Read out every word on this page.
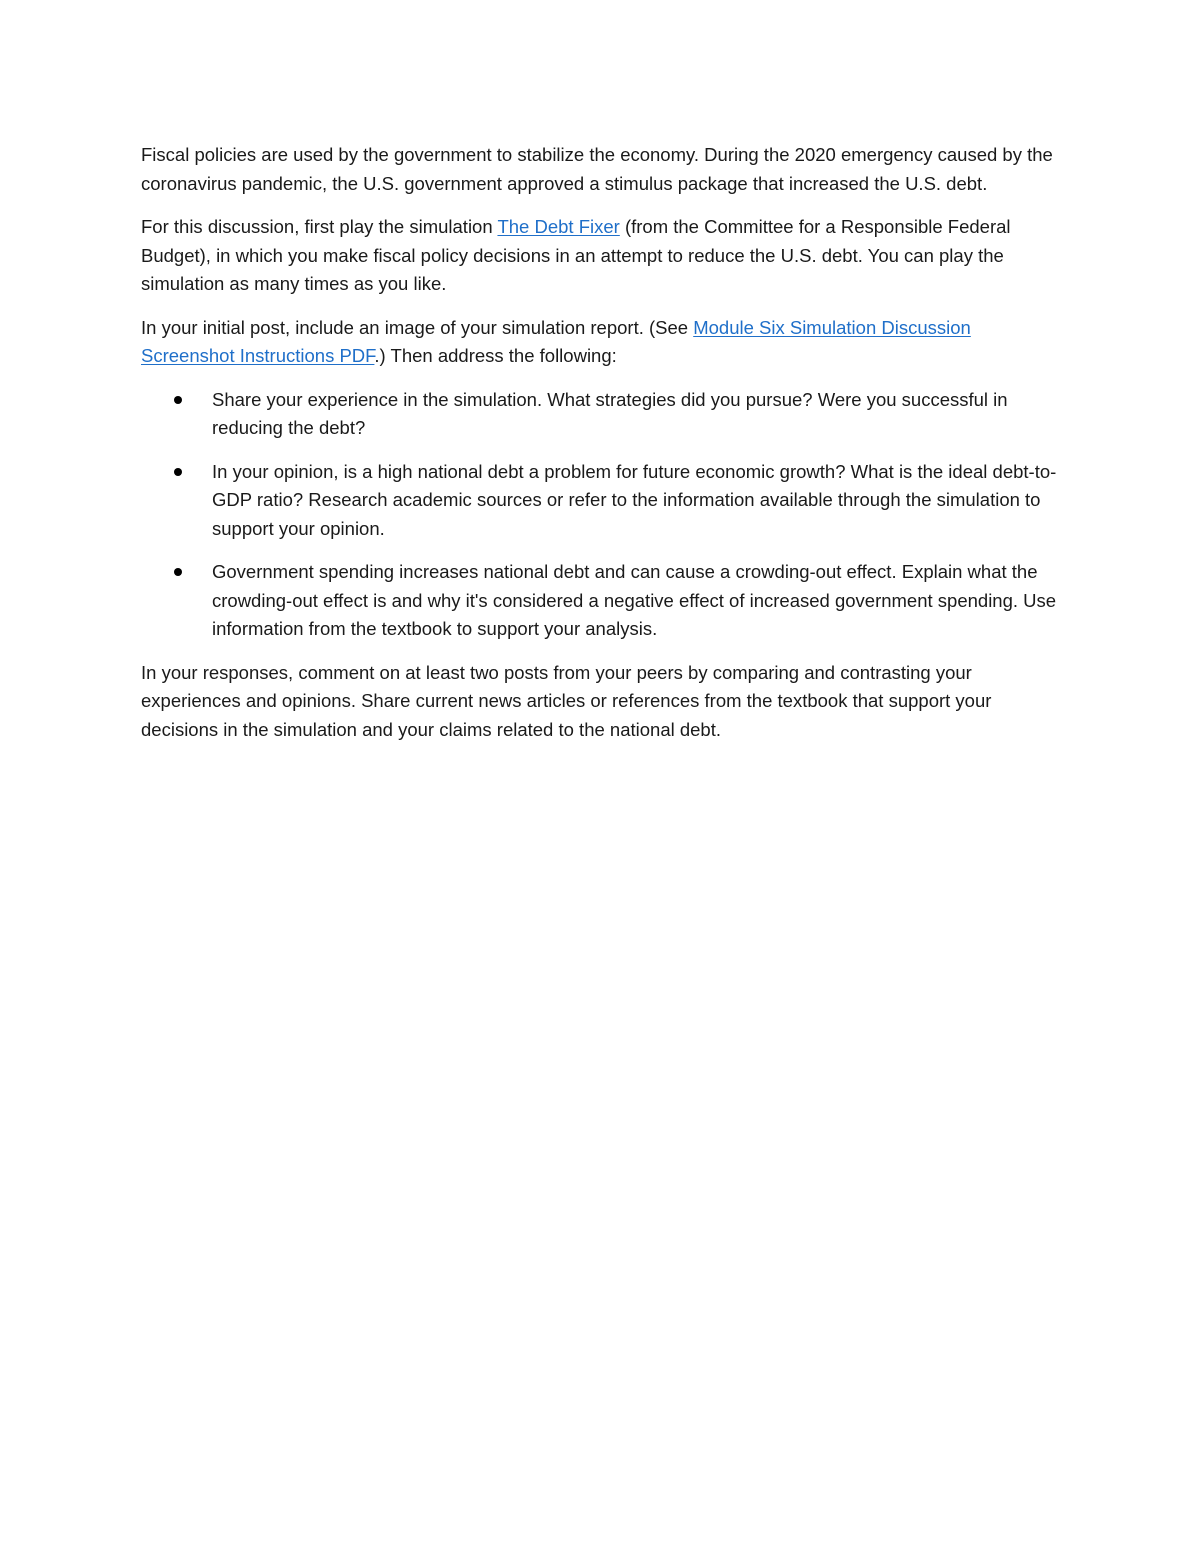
Fiscal policies are used by the government to stabilize the economy. During the 2020 emergency caused by the coronavirus pandemic, the U.S. government approved a stimulus package that increased the U.S. debt.

For this discussion, first play the simulation The Debt Fixer (from the Committee for a Responsible Federal Budget), in which you make fiscal policy decisions in an attempt to reduce the U.S. debt. You can play the simulation as many times as you like.

In your initial post, include an image of your simulation report. (See Module Six Simulation Discussion Screenshot Instructions PDF.) Then address the following:

Share your experience in the simulation. What strategies did you pursue? Were you successful in reducing the debt?
In your opinion, is a high national debt a problem for future economic growth? What is the ideal debt-to-GDP ratio? Research academic sources or refer to the information available through the simulation to support your opinion.
Government spending increases national debt and can cause a crowding-out effect. Explain what the crowding-out effect is and why it's considered a negative effect of increased government spending. Use information from the textbook to support your analysis.

In your responses, comment on at least two posts from your peers by comparing and contrasting your experiences and opinions. Share current news articles or references from the textbook that support your decisions in the simulation and your claims related to the national debt.
